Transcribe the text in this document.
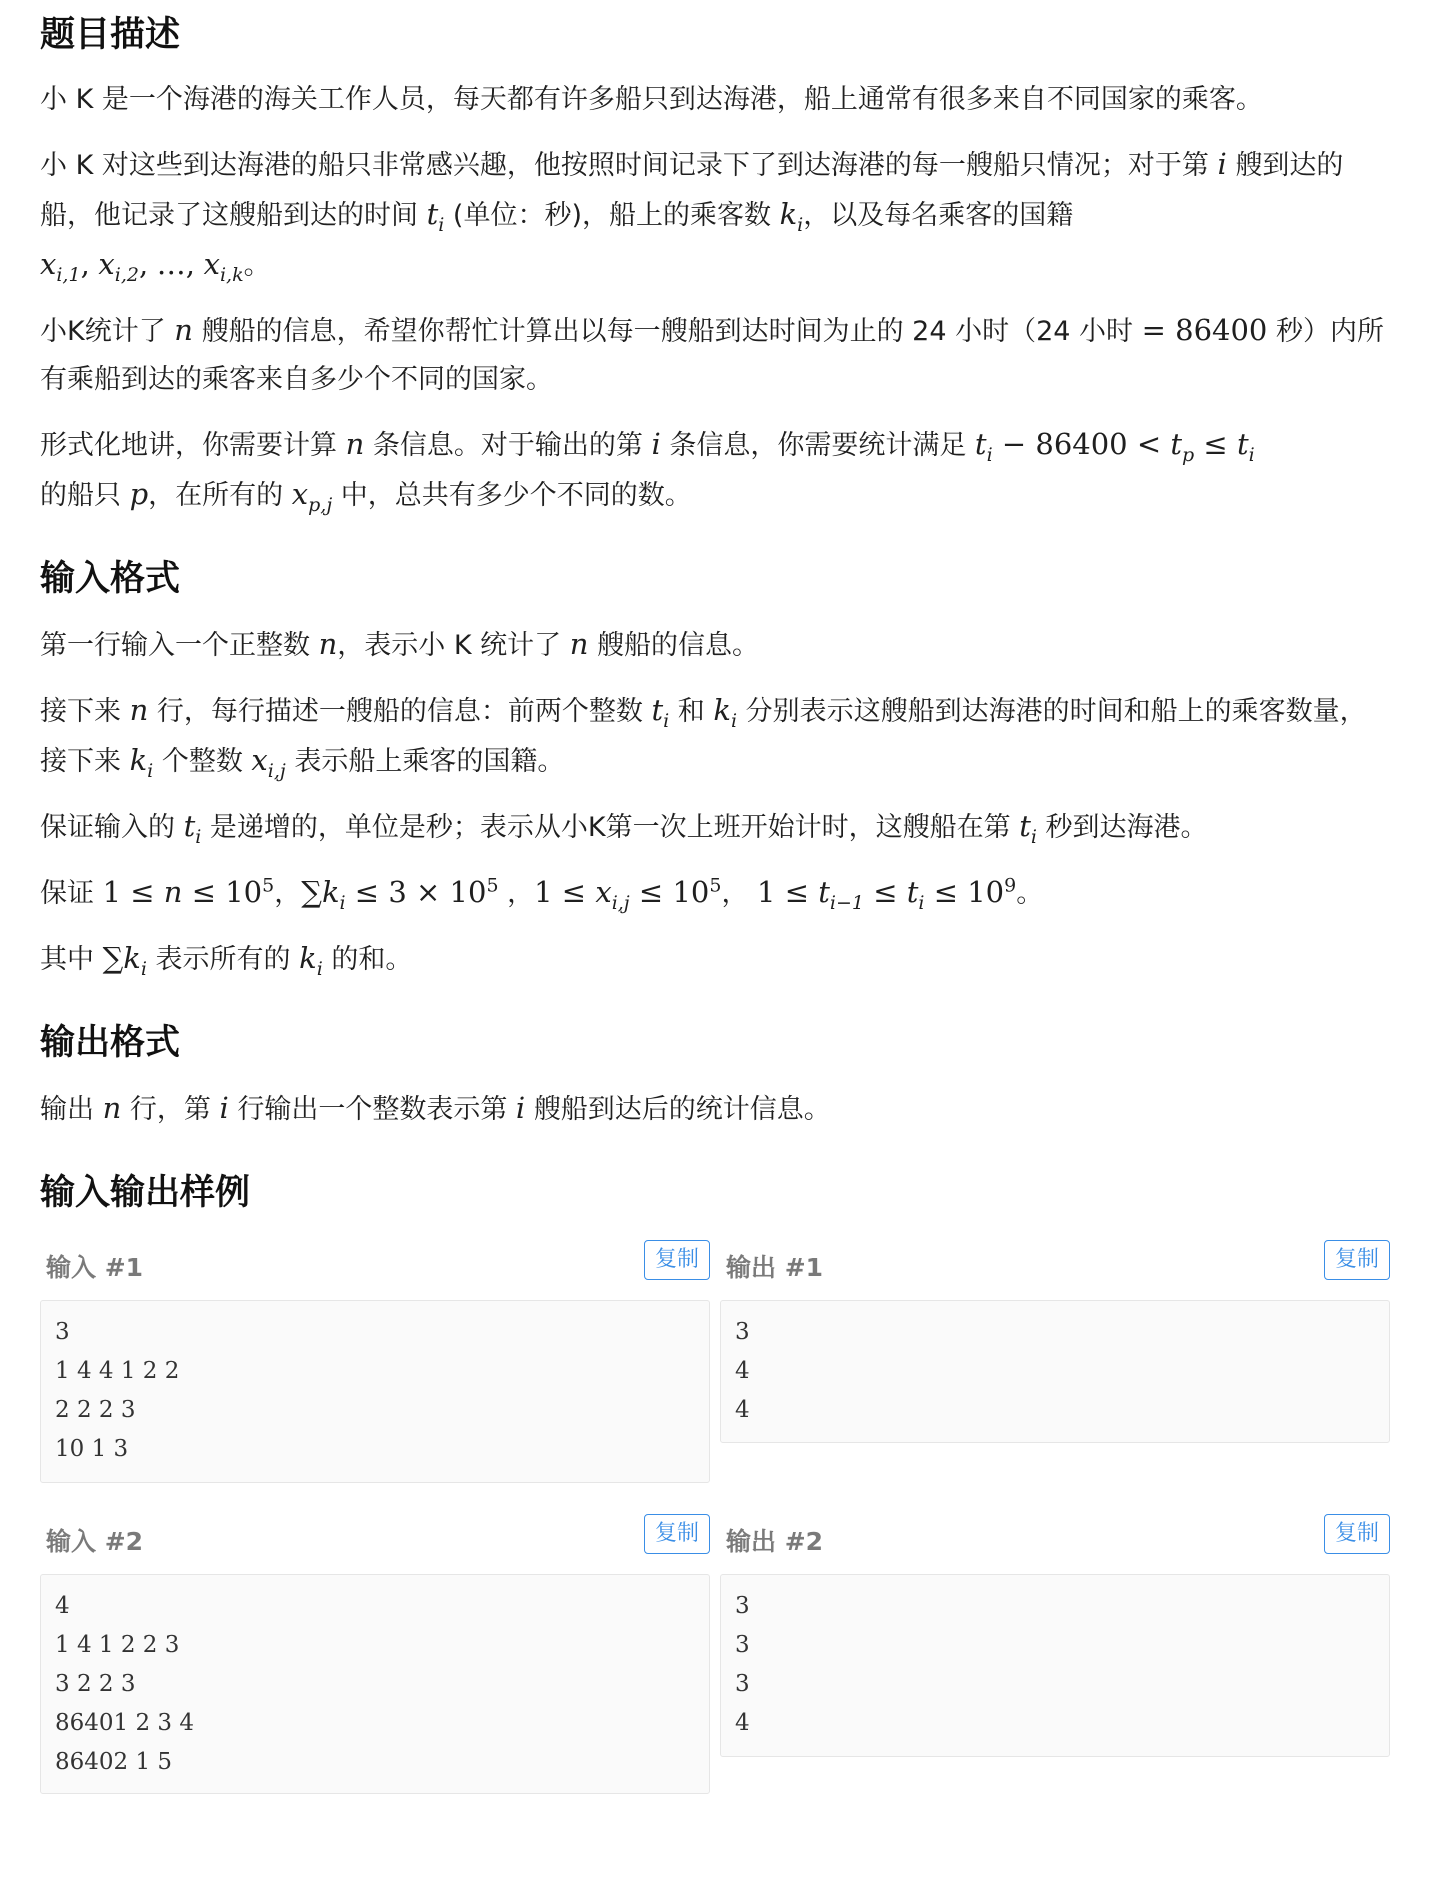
题目描述

小 K 是一个海港的海关工作人员，每天都有许多船只到达海港，船上通常有很多来自不同国家的乘客。

小 K 对这些到达海港的船只非常感兴趣，他按照时间记录下了到达海港的每一艘船只情况；对于第 i 艘到达的船，他记录了这艘船到达的时间 $t_i$ (单位：秒)，船上的乘客数 $k_i$，以及每名乘客的国籍
$x_{i,1}$, $x_{i,2}$, …, $x_{i,k}$。

小K统计了 n 艘船的信息，希望你帮忙计算出以每一艘船到达时间为止的 24 小时（24 小时 = 86400 秒）内所有乘船到达的乘客来自多少个不同的国家。

形式化地讲，你需要计算 n 条信息。对于输出的第 i 条信息，你需要统计满足 $t_i - 86400 < t_p \le t_i$
的船只 p，在所有的 $x_{p,j}$ 中，总共有多少个不同的数。

输入格式

第一行输入一个正整数 n，表示小 K 统计了 n 艘船的信息。

接下来 n 行，每行描述一艘船的信息：前两个整数 $t_i$ 和 $k_i$ 分别表示这艘船到达海港的时间和船上的乘客数量，接下来 $k_i$ 个整数 $x_{i,j}$ 表示船上乘客的国籍。

保证输入的 $t_i$ 是递增的，单位是秒；表示从小K第一次上班开始计时，这艘船在第 $t_i$ 秒到达海港。

保证 $1 \le n \le 10^5$，$\sum k_i \le 3 \times 10^5$ ，$1 \le x_{i,j} \le 10^5$， $1 \le t_{i-1} \le t_i \le 10^9$。

其中 $\sum k_i$ 表示所有的 $k_i$ 的和。

输出格式

输出 n 行，第 i 行输出一个整数表示第 i 艘船到达后的统计信息。

输入输出样例
输入 #1	复制
3
1 4 4 1 2 2
2 2 2 3
10 1 3
输出 #1	复制
3
4
4
输入 #2	复制
4
1 4 1 2 2 3
3 2 2 3
86401 2 3 4
86402 1 5
输出 #2	复制
3
3
3
4
